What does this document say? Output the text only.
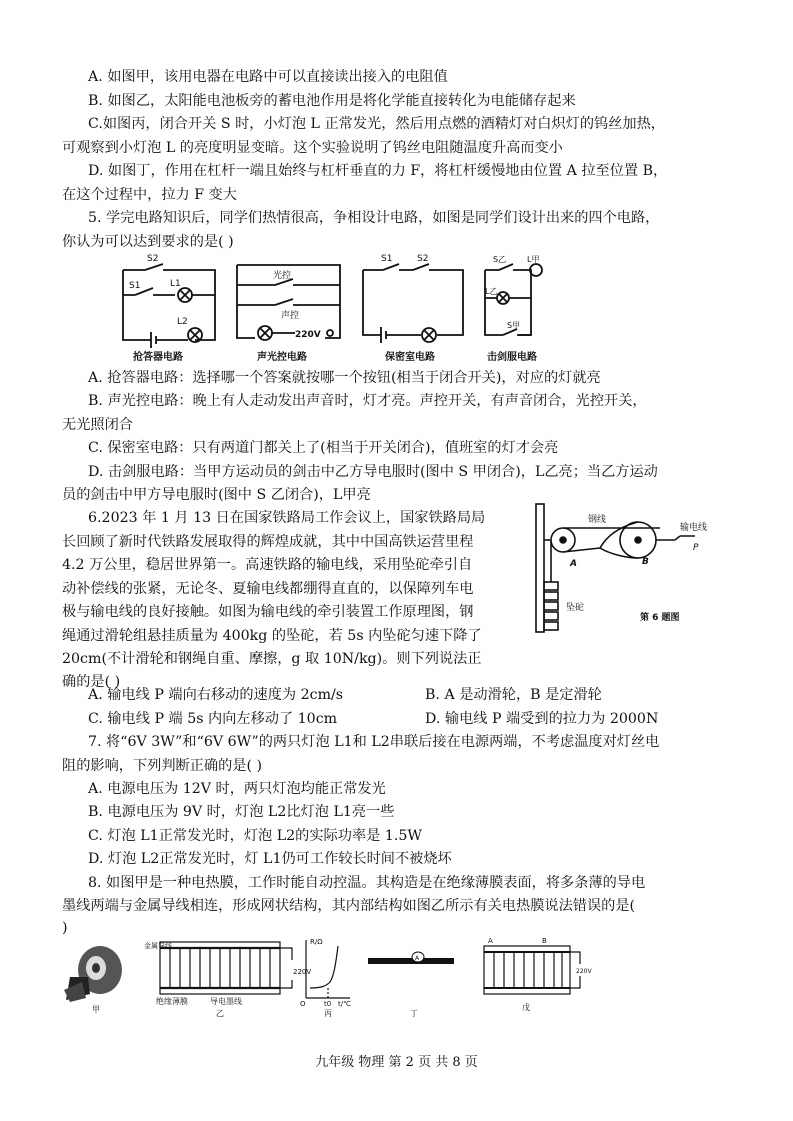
A. 如图甲，该用电器在电路中可以直接读出接入的电阻值
B. 如图乙，太阳能电池板旁的蓄电池作用是将化学能直接转化为电能储存起来
C.如图丙，闭合开关 S 时，小灯泡 L 正常发光，然后用点燃的酒精灯对白炽灯的钨丝加热，
可观察到小灯泡 L 的亮度明显变暗。这个实验说明了钨丝电阻随温度升高而变小
D. 如图丁，作用在杠杆一端且始终与杠杆垂直的力 F，将杠杆缓慢地由位置 A 拉至位置 B，
在这个过程中，拉力 F 变大
5. 学完电路知识后，同学们热情很高，争相设计电路，如图是同学们设计出来的四个电路，
你认为可以达到要求的是( )
S2
S1	L1
L2
抢答器电路
光控
声控
220V
声光控电路
S1	S2
保密室电路
S乙	L甲
L乙
S甲
击剑服电路
A. 抢答器电路：选择哪一个答案就按哪一个按钮(相当于闭合开关)，对应的灯就亮
B. 声光控电路：晚上有人走动发出声音时，灯才亮。声控开关，有声音闭合，光控开关，
无光照闭合
C. 保密室电路：只有两道门都关上了(相当于开关闭合)，值班室的灯才会亮
D. 击剑服电路：当甲方运动员的剑击中乙方导电服时(图中 S 甲闭合)，L乙亮；当乙方运动
员的剑击中甲方导电服时(图中 S 乙闭合)，L甲亮
6.2023 年 1 月 13 日在国家铁路局工作会议上，国家铁路局局
长回顾了新时代铁路发展取得的辉煌成就，其中中国高铁运营里程
4.2 万公里，稳居世界第一。高速铁路的输电线，采用坠砣牵引自
动补偿线的张紧，无论冬、夏输电线都绷得直直的，以保障列车电
极与输电线的良好接触。如图为输电线的牵引装置工作原理图，钢
绳通过滑轮组悬挂质量为 400kg 的坠砣，若 5s 内坠砣匀速下降了
20cm(不计滑轮和钢绳自重、摩擦，g 取 10N/kg)。则下列说法正
确的是( )
钢线
输电线
P
A	B
坠砣
第 6 题图
A. 输电线 P 端向右移动的速度为 2cm/s	B. A 是动滑轮，B 是定滑轮
C. 输电线 P 端 5s 内向左移动了 10cm	D. 输电线 P 端受到的拉力为 2000N
7. 将“6V 3W”和“6V 6W”的两只灯泡 L1和 L2串联后接在电源两端，不考虑温度对灯丝电
阻的影响，下列判断正确的是( )
A. 电源电压为 12V 时，两只灯泡均能正常发光
B. 电源电压为 9V 时，灯泡 L2比灯泡 L1亮一些
C. 灯泡 L1正常发光时，灯泡 L2的实际功率是 1.5W
D. 灯泡 L2正常发光时，灯 L1仍可工作较长时间不被烧坏
8. 如图甲是一种电热膜，工作时能自动控温。其构造是在绝缘薄膜表面，将多条薄的导电
墨线两端与金属导线相连，形成网状结构，其内部结构如图乙所示有关电热膜说法错误的是(
)
甲
金属导线
220V
绝缘薄膜	导电墨线
乙
R/Ω
O	t0 t/℃
丙
A
丁
A	B
220V
戊
九年级 物理 第 2 页 共 8 页
